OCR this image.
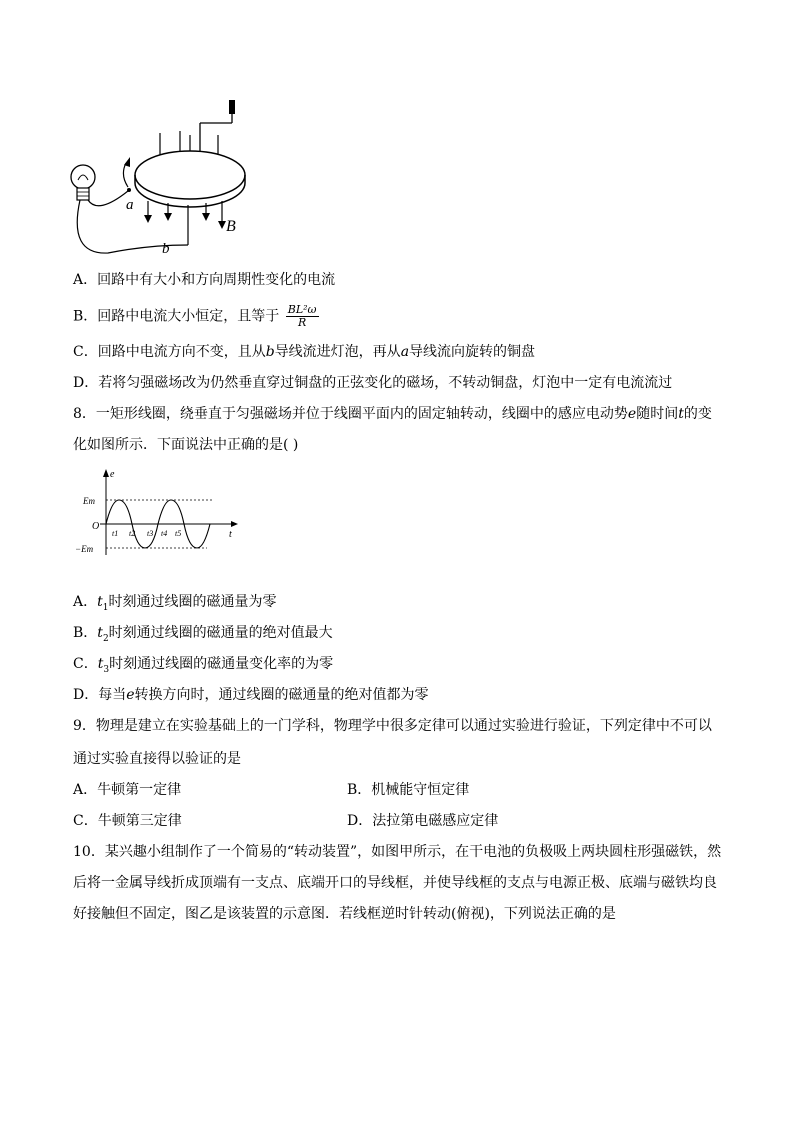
a
b
B
A．回路中有大小和方向周期性变化的电流
B．回路中电流大小恒定，且等于 $\frac{\text{BL²ω}}{R}$
C．回路中电流方向不变，且从b导线流进灯泡，再从a导线流向旋转的铜盘
D．若将匀强磁场改为仍然垂直穿过铜盘的正弦变化的磁场，不转动铜盘，灯泡中一定有电流流过
8．一矩形线圈，绕垂直于匀强磁场并位于线圈平面内的固定轴转动，线圈中的感应电动势e随时间t的变
化如图所示．下面说法中正确的是( )
e
t
O
Em
−Em
t1 t2 t3 t4 t5
A．$t_1$时刻通过线圈的磁通量为零
B．$t_2$时刻通过线圈的磁通量的绝对值最大
C．$t_3$时刻通过线圈的磁通量变化率的为零
D．每当e转换方向时，通过线圈的磁通量的绝对值都为零
9．物理是建立在实验基础上的一门学科，物理学中很多定律可以通过实验进行验证，下列定律中不可以
通过实验直接得以验证的是
A．牛顿第一定律	B．机械能守恒定律
C．牛顿第三定律	D．法拉第电磁感应定律
10．某兴趣小组制作了一个简易的“转动装置”，如图甲所示，在干电池的负极吸上两块圆柱形强磁铁，然
后将一金属导线折成顶端有一支点、底端开口的导线框，并使导线框的支点与电源正极、底端与磁铁均良
好接触但不固定，图乙是该装置的示意图．若线框逆时针转动(俯视)，下列说法正确的是
